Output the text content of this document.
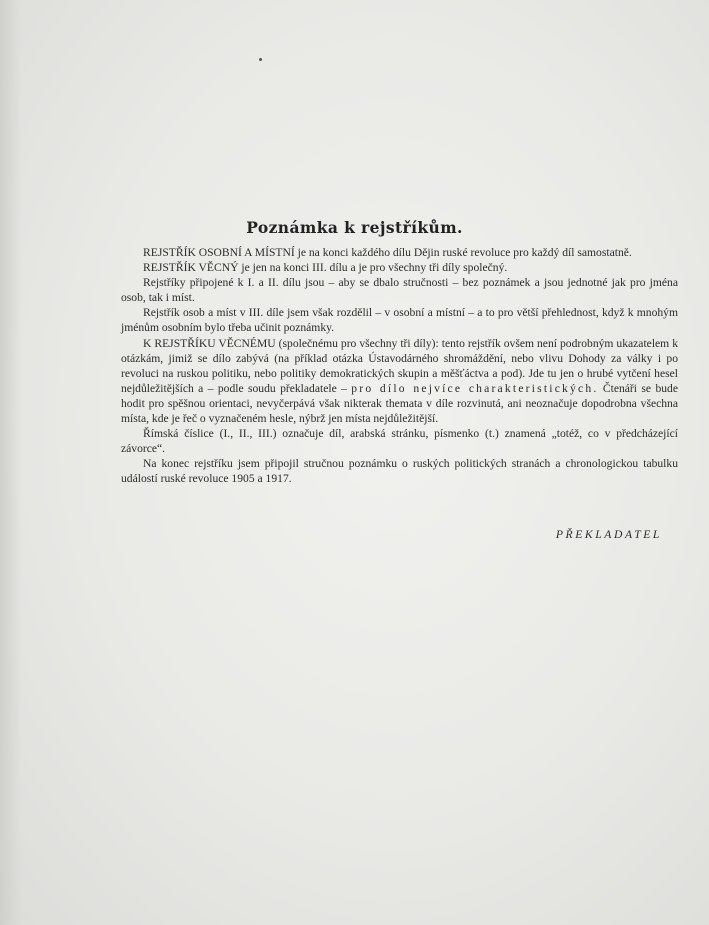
Poznámka k rejstříkům.

REJSTŘÍK OSOBNÍ A MÍSTNÍ je na konci každého dílu Dějin ruské revoluce pro každý díl samostatně.

REJSTŘÍK VĚCNÝ je jen na konci III. dílu a je pro všechny tři díly společný.

Rejstříky připojené k I. a II. dílu jsou – aby se dbalo stručnosti – bez poznámek a jsou jednotné jak pro jména osob, tak i míst.

Rejstřík osob a míst v III. díle jsem však rozdělil – v osobní a místní – a to pro větší přehlednost, když k mnohým jménům osobním bylo třeba učinit poznámky.

K REJSTŘÍKU VĚCNÉMU (společnému pro všechny tři díly): tento rejstřík ovšem není podrobným ukazatelem k otázkám, jimiž se dílo zabývá (na příklad otázka Ústavodárného shromáždění, nebo vlivu Dohody za války i po revoluci na ruskou politiku, nebo politiky demokratických skupin a měšťáctva a pod). Jde tu jen o hrubé vytčení hesel nejdůležitějších a – podle soudu překladatele – pro dílo nejvíce charakteristických. Čtenáři se bude hodit pro spěšnou orientaci, nevyčerpává však nikterak themata v díle rozvinutá, ani neoznačuje dopodrobna všechna místa, kde je řeč o vyznačeném hesle, nýbrž jen místa nejdůležitější.

Římská číslice (I., II., III.) označuje díl, arabská stránku, písmenko (t.) znamená „totéž, co v předcházející závorce“.

Na konec rejstříku jsem připojil stručnou poznámku o ruských politických stranách a chronologickou tabulku událostí ruské revoluce 1905 a 1917.

PŘEKLADATEL
